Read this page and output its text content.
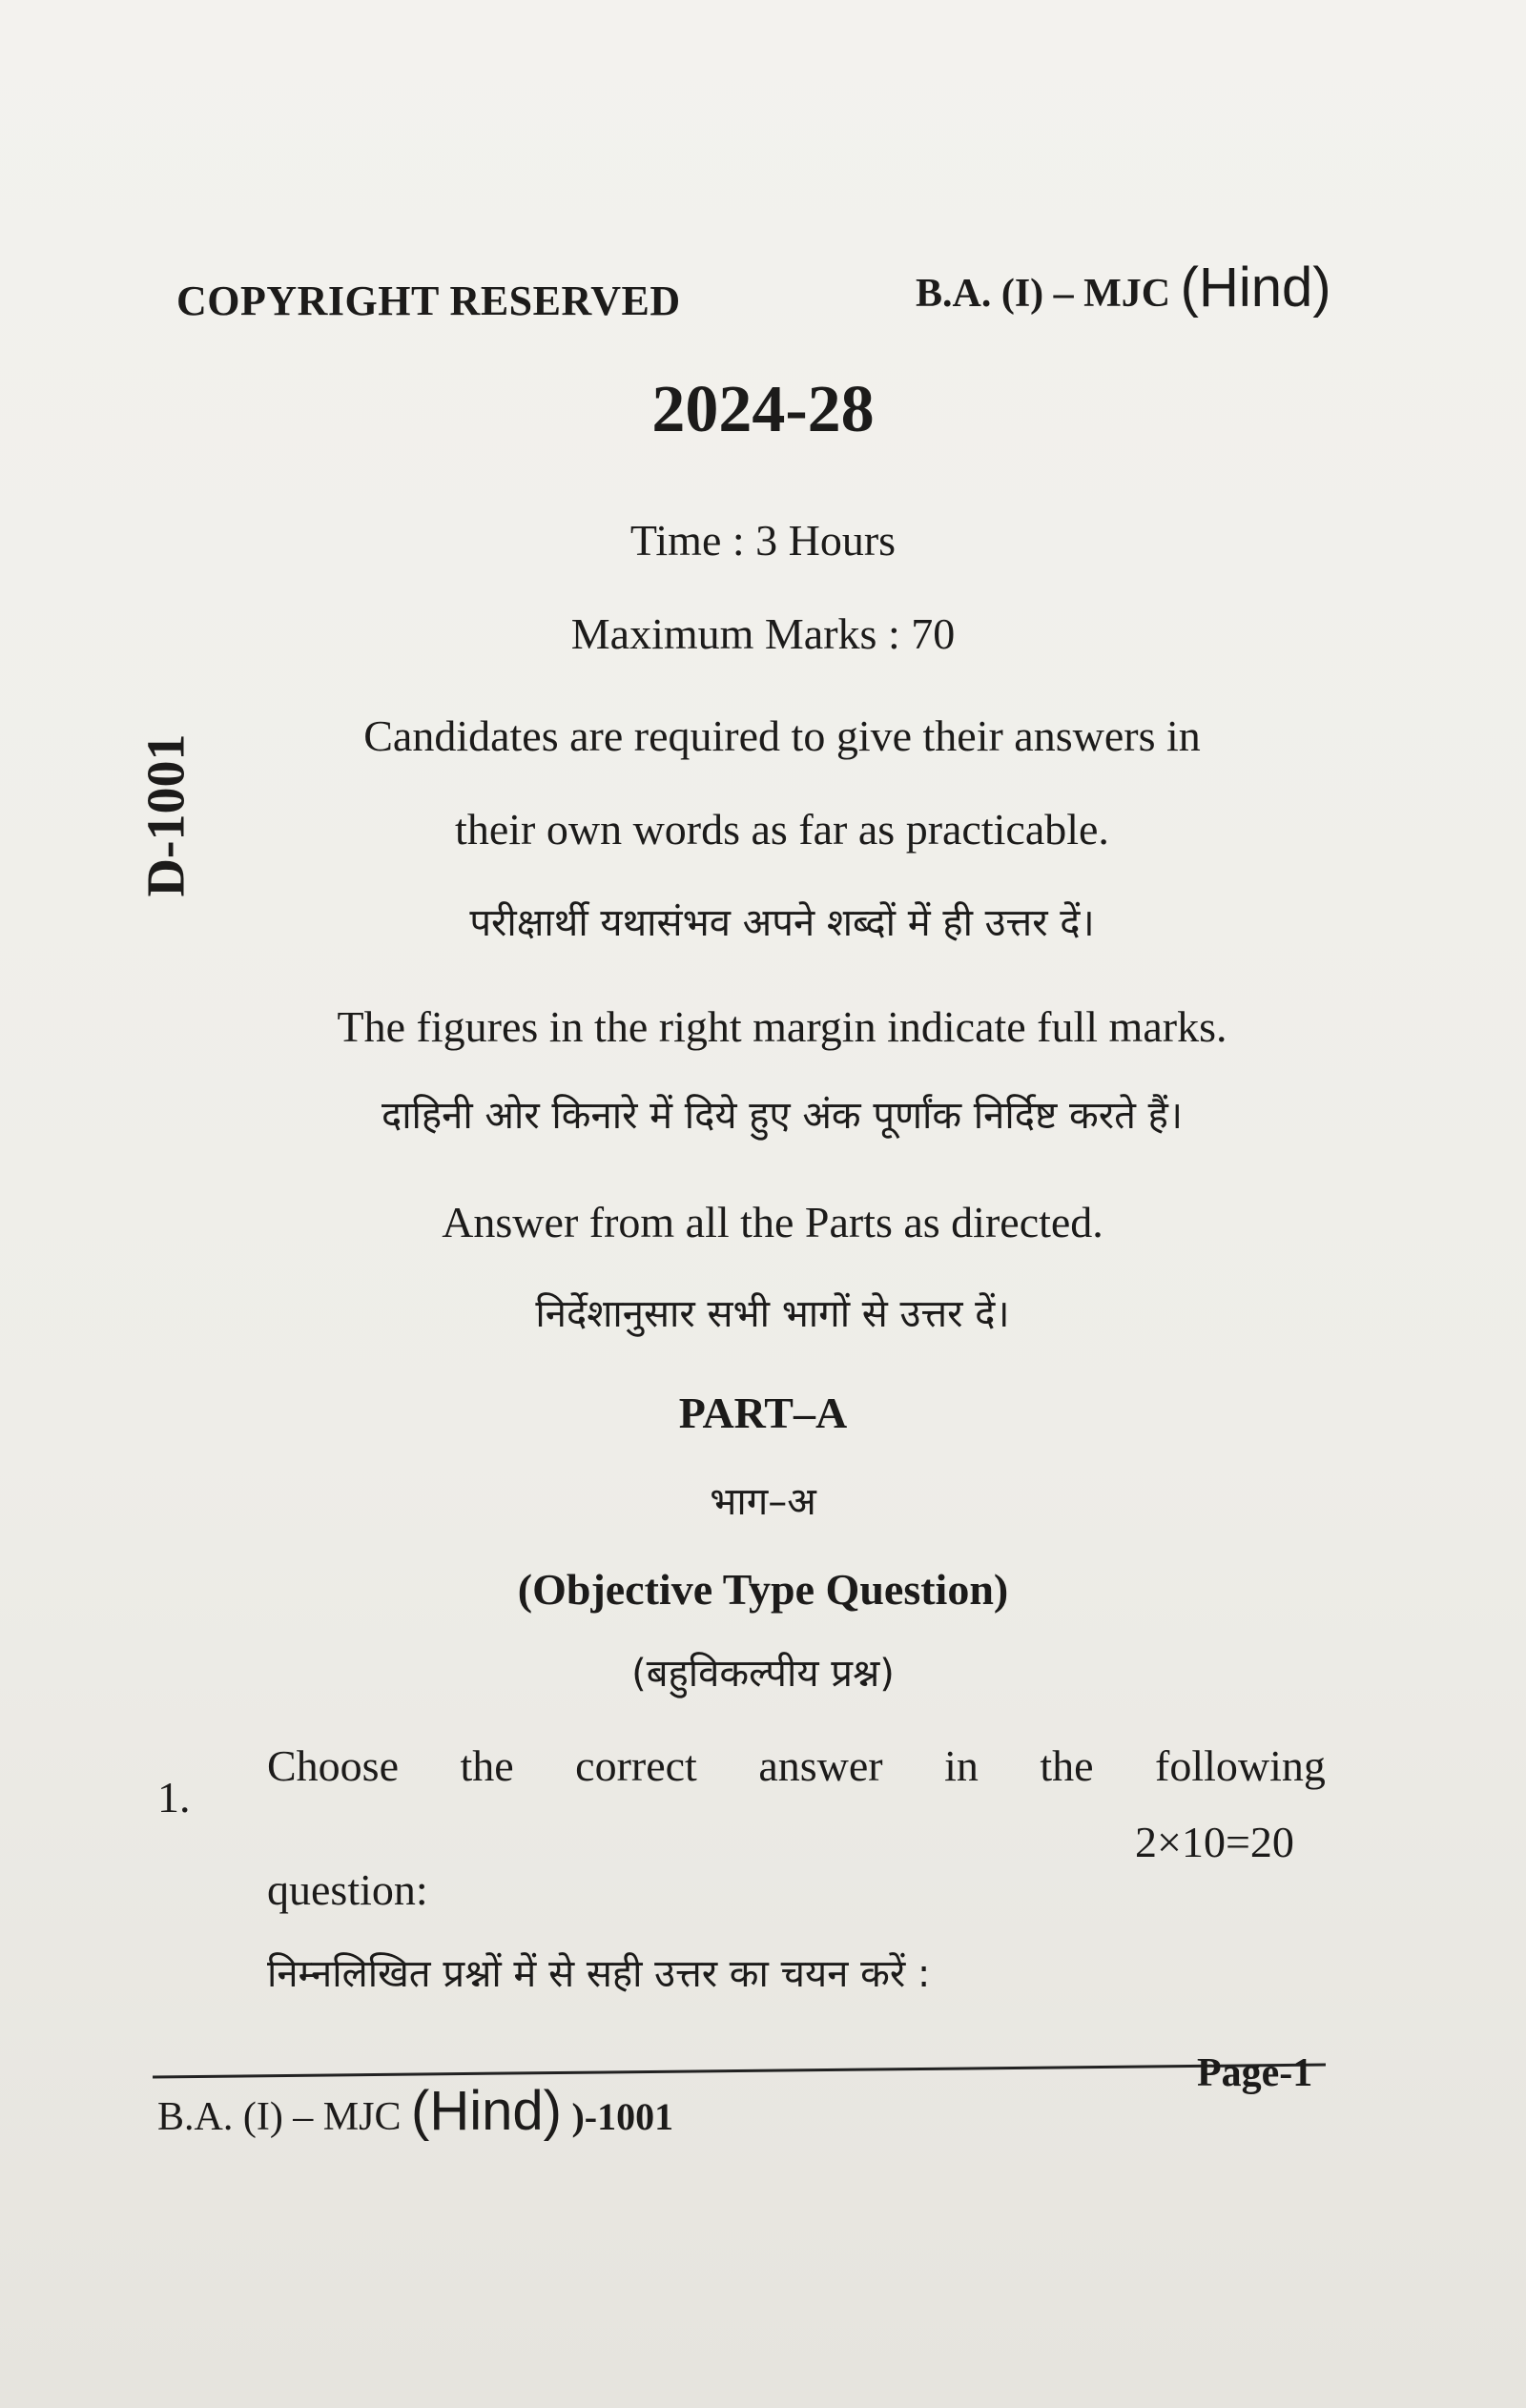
COPYRIGHT RESERVED	B.A. (I) – MJC (Hind)
2024-28
Time : 3 Hours
Maximum Marks : 70
D-1001	Candidates are required to give their answers in
their own words as far as practicable.
परीक्षार्थी यथासंभव अपने शब्दों में ही उत्तर दें।
The figures in the right margin indicate full marks.
दाहिनी ओर किनारे में दिये हुए अंक पूर्णांक निर्दिष्ट करते हैं।
Answer from all the Parts as directed.
निर्देशानुसार सभी भागों से उत्तर दें।
PART–A
भाग–अ
(Objective Type Question)
(बहुविकल्पीय प्रश्न)
1.
Choose the correct answer in the following
2×10=20
question:
निम्नलिखित प्रश्नों में से सही उत्तर का चयन करें :
B.A. (I) – MJC (Hind) )-1001
Page-1
